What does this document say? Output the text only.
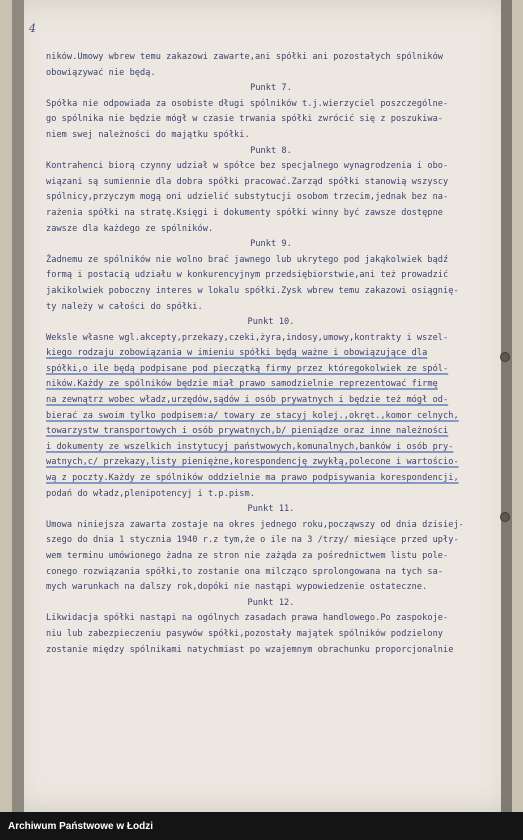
4
ników.Umowy wbrew temu zakazowi zawarte,ani spółki ani pozostałych spólników
obowiązywać nie będą.
Punkt 7.
Spółka nie odpowiada za osobiste długi spólników t.j.wierzyciel poszczególne-
go spólnika nie będzie mógł w czasie trwania spółki zwrócić się z poszukiwa-
niem swej należności do majątku spółki.
Punkt 8.
Kontrahenci biorą czynny udział w spółce bez specjalnego wynagrodzenia i obo-
wiązani są sumiennie dla dobra spółki pracować.Zarząd spółki stanowią wszyscy
spólnicy,przyczym mogą oni udzielić substytucji osobom trzecim,jednak bez na-
rażenia spółki na stratę.Księgi i dokumenty spółki winny być zawsze dostępne
zawsze dla każdego ze spólników.
Punkt 9.
Żadnemu ze spólników nie wolno brać jawnego lub ukrytego pod jakąkolwiek bądź
formą i postacią udziału w konkurencyjnym przedsiębiorstwie,ani też prowadzić
jakikolwiek poboczny interes w lokalu spółki.Zysk wbrew temu zakazowi osiągnię-
ty należy w całości do spółki.
Punkt 10.
Weksle własne wgl.akcepty,przekazy,czeki,żyra,indosy,umowy,kontrakty i wszel-
kiego rodzaju zobowiązania w imieniu spółki będą ważne i obowiązujące dla
spółki,o ile będą podpisane pod pieczątką firmy przez któregokolwiek ze spól-
ników.Każdy ze spólników będzie miał prawo samodzielnie reprezentować firmę
na zewnątrz wobec władz,urzędów,sądów i osób prywatnych i będzie też mógł od-
bierać za swoim tylko podpisem:a/ towary ze stacyj kolej.,okręt.,komor celnych,
towarzystw transportowych i osób prywatnych,b/ pieniądze oraz inne należności
i dokumenty ze wszelkich instytucyj państwowych,komunalnych,banków i osób pry-
watnych,c/ przekazy,listy pieniężne,korespondencję zwykłą,polecone i wartościo-
wą z poczty.Każdy ze spólników oddzielnie ma prawo podpisywania korespondencji,
podań do władz,plenipotencyj i t.p.pism.
Punkt 11.
Umowa niniejsza zawarta zostaje na okres jednego roku,począwszy od dnia dzisiej-
szego do dnia 1 stycznia 1940 r.z tym,że o ile na 3 /trzy/ miesiące przed upły-
wem terminu umówionego żadna ze stron nie zażąda za pośrednictwem listu pole-
conego rozwiązania spółki,to zostanie ona milcząco sprolongowana na tych sa-
mych warunkach na dalszy rok,dopóki nie nastąpi wypowiedzenie ostateczne.
Punkt 12.
Likwidacja spółki nastąpi na ogólnych zasadach prawa handlowego.Po zaspokoje-
niu lub zabezpieczeniu pasywów spółki,pozostały majątek spólników podzielony
zostanie między spólnikami natychmiast po wzajemnym obrachunku proporcjonalnie
Archiwum Państwowe w Łodzi
